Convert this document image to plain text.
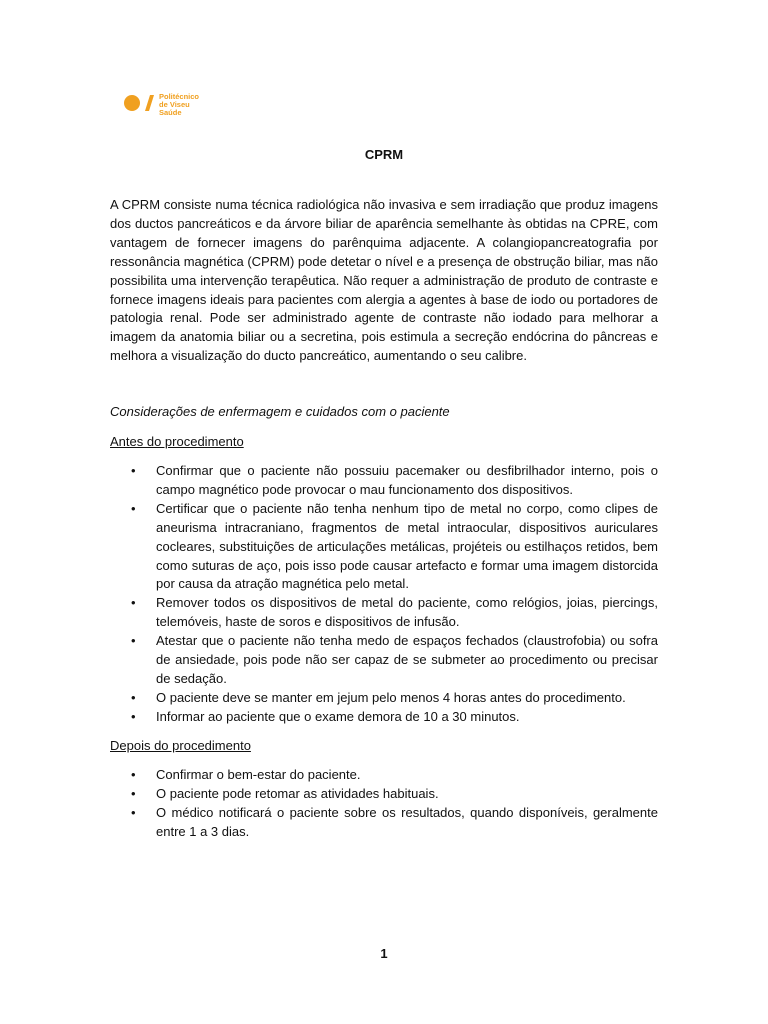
Politécnico
de Viseu
Saúde
CPRM
A CPRM consiste numa técnica radiológica não invasiva e sem irradiação que produz imagens dos ductos pancreáticos e da árvore biliar de aparência semelhante às obtidas na CPRE, com vantagem de fornecer imagens do parênquima adjacente. A colangiopancreatografia por ressonância magnética (CPRM) pode detetar o nível e a presença de obstrução biliar, mas não possibilita uma intervenção terapêutica. Não requer a administração de produto de contraste e fornece imagens ideais para pacientes com alergia a agentes à base de iodo ou portadores de patologia renal. Pode ser administrado agente de contraste não iodado para melhorar a imagem da anatomia biliar ou a secretina, pois estimula a secreção endócrina do pâncreas e melhora a visualização do ducto pancreático, aumentando o seu calibre.
Considerações de enfermagem e cuidados com o paciente
Antes do procedimento
• Confirmar que o paciente não possuiu pacemaker ou desfibrilhador interno, pois o campo magnético pode provocar o mau funcionamento dos dispositivos.
• Certificar que o paciente não tenha nenhum tipo de metal no corpo, como clipes de aneurisma intracraniano, fragmentos de metal intraocular, dispositivos auriculares cocleares, substituições de articulações metálicas, projéteis ou estilhaços retidos, bem como suturas de aço, pois isso pode causar artefacto e formar uma imagem distorcida por causa da atração magnética pelo metal.
• Remover todos os dispositivos de metal do paciente, como relógios, joias, piercings, telemóveis, haste de soros e dispositivos de infusão.
• Atestar que o paciente não tenha medo de espaços fechados (claustrofobia) ou sofra de ansiedade, pois pode não ser capaz de se submeter ao procedimento ou precisar de sedação.
• O paciente deve se manter em jejum pelo menos 4 horas antes do procedimento.
• Informar ao paciente que o exame demora de 10 a 30 minutos.
Depois do procedimento
• Confirmar o bem-estar do paciente.
• O paciente pode retomar as atividades habituais.
• O médico notificará o paciente sobre os resultados, quando disponíveis, geralmente entre 1 a 3 dias.
1
